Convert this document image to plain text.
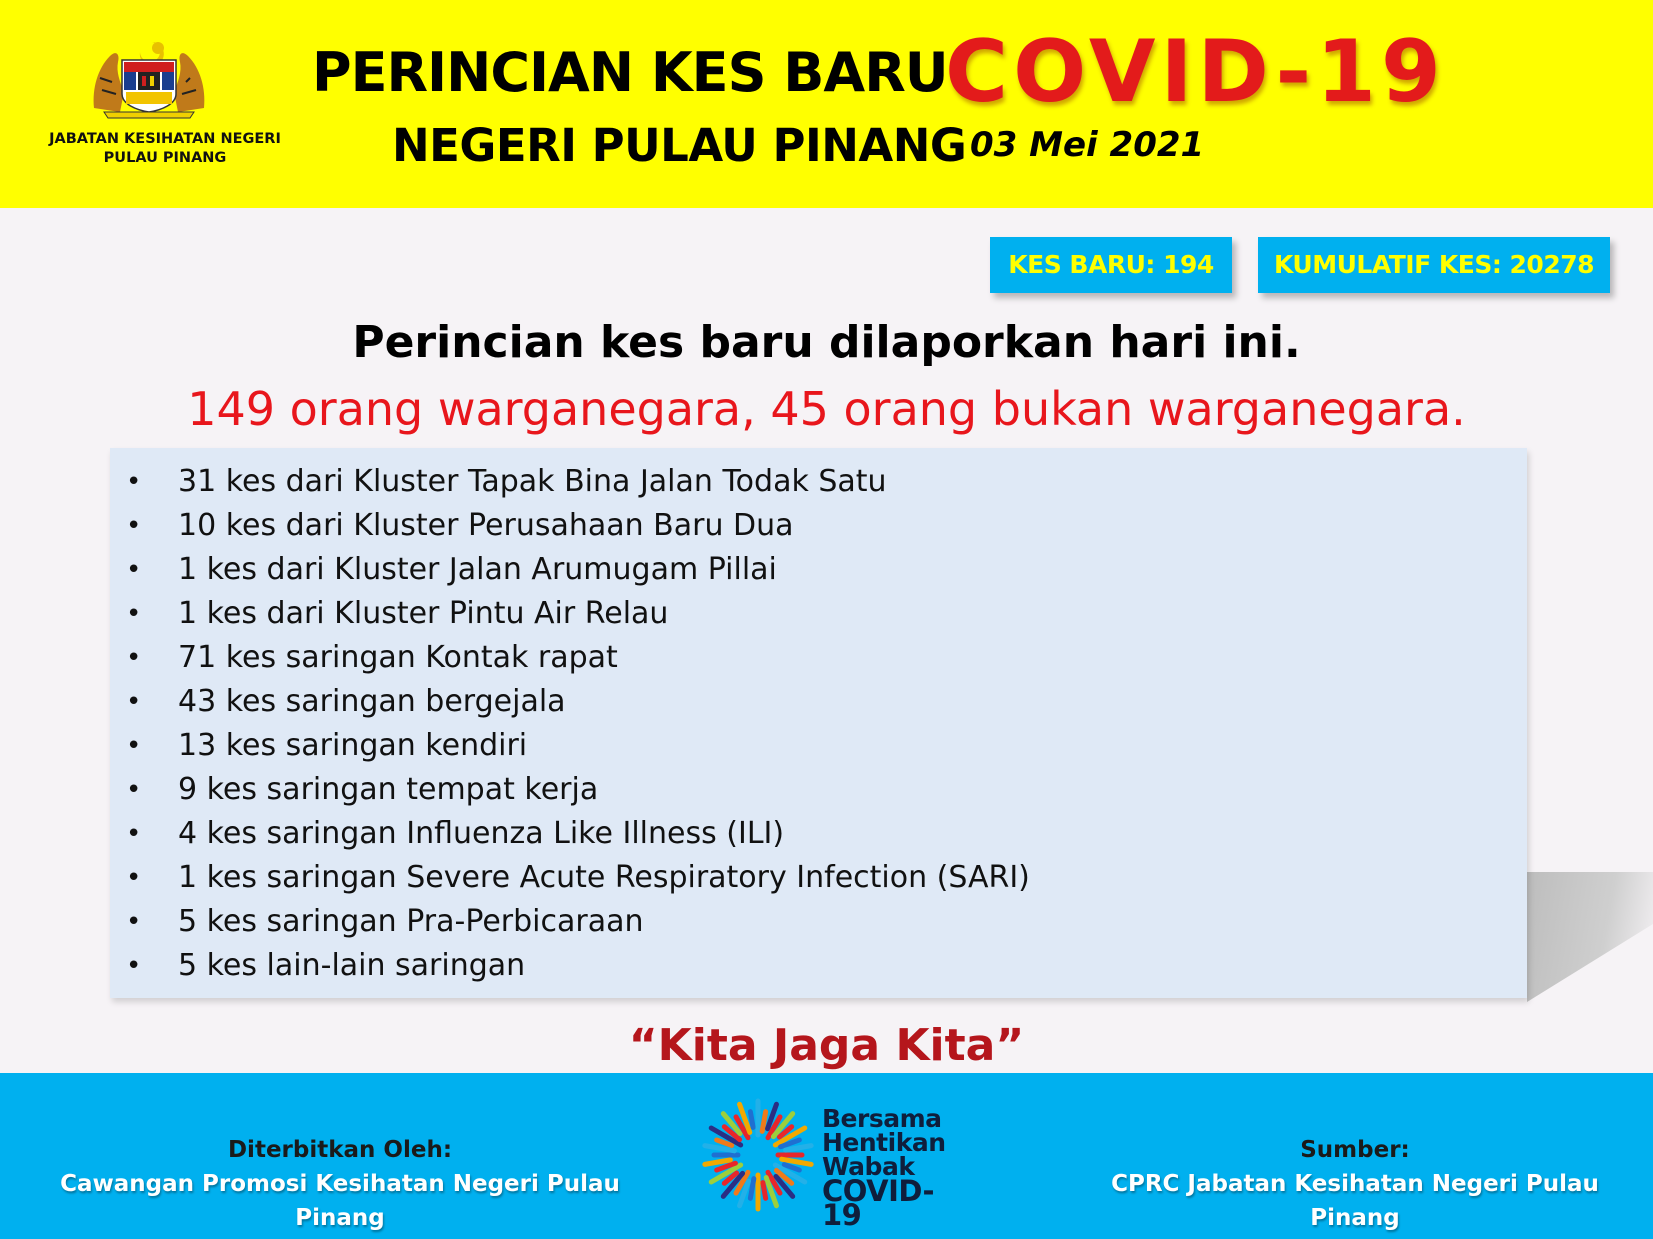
JABATAN KESIHATAN NEGERI
PULAU PINANG
PERINCIAN KES BARU
COVID-19
NEGERI PULAU PINANG 03 Mei 2021
KES BARU: 194	KUMULATIF KES: 20278
Perincian kes baru dilaporkan hari ini.
149 orang warganegara, 45 orang bukan warganegara.
• 31 kes dari Kluster Tapak Bina Jalan Todak Satu
• 10 kes dari Kluster Perusahaan Baru Dua
• 1 kes dari Kluster Jalan Arumugam Pillai
• 1 kes dari Kluster Pintu Air Relau
• 71 kes saringan Kontak rapat
• 43 kes saringan bergejala
• 13 kes saringan kendiri
• 9 kes saringan tempat kerja
• 4 kes saringan Influenza Like Illness (ILI)
• 1 kes saringan Severe Acute Respiratory Infection (SARI)
• 5 kes saringan Pra-Perbicaraan
• 5 kes lain-lain saringan
“Kita Jaga Kita”
Diterbitkan Oleh:
Cawangan Promosi Kesihatan Negeri Pulau Pinang
Sumber:
CPRC Jabatan Kesihatan Negeri Pulau Pinang
Bersama
Hentikan
Wabak
COVID-19
